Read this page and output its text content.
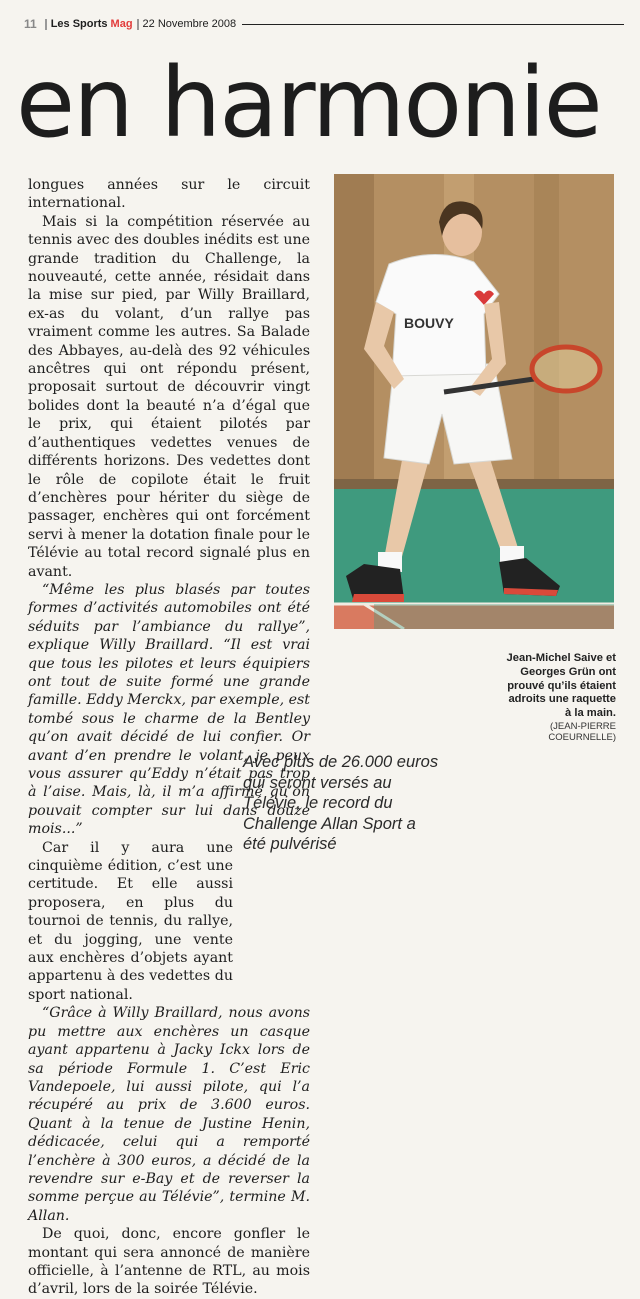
11 Les Sports Mag 22 Novembre 2008
en harmonie

longues années sur le circuit international.

Mais si la compétition réservée au tennis avec des doubles inédits est une grande tradition du Challenge, la nouveauté, cette année, résidait dans la mise sur pied, par Willy Braillard, ex-as du volant, d’un rallye pas vraiment comme les autres. Sa Balade des Abbayes, au-delà des 92 véhicules ancêtres qui ont répondu présent, proposait surtout de découvrir vingt bolides dont la beauté n’a d’égal que le prix, qui étaient pilotés par d’authentiques vedettes venues de différents horizons. Des vedettes dont le rôle de copilote était le fruit d’enchères pour hériter du siège de passager, enchères qui ont forcément servi à mener la dotation finale pour le Télévie au total record signalé plus en avant.

“Même les plus blasés par toutes formes d’activités automobiles ont été séduits par l’ambiance du rallye”, explique Willy Braillard. “Il est vrai que tous les pilotes et leurs équipiers ont tout de suite formé une grande famille. Eddy Merckx, par exemple, est tombé sous le charme de la Bentley qu’on avait décidé de lui confier. Or avant d’en prendre le volant, je peux vous assurer qu’Eddy n’était pas trop à l’aise. Mais, là, il m’a affirmé qu’on pouvait compter sur lui dans douze mois...”

Car il y aura une cinquième édition, c’est une certitude. Et elle aussi proposera, en plus du tournoi de tennis, du rallye, et du jogging, une vente aux enchères d’objets ayant appartenu à des vedettes du sport national.

“Grâce à Willy Braillard, nous avons pu mettre aux enchères un casque ayant appartenu à Jacky Ickx lors de sa période Formule 1. C’est Eric Vandepoele, lui aussi pilote, qui l’a récupéré au prix de 3.600 euros. Quant à la tenue de Justine Henin, dédicacée, celui qui a remporté l’enchère à 300 euros, a décidé de la revendre sur e-Bay et de reverser la somme perçue au Télévie”, termine M. Allan.

De quoi, donc, encore gonfler le montant qui sera annoncé de manière officielle, à l’antenne de RTL, au mois d’avril, lors de la soirée Télévie.

BOUVY
Jean-Michel Saive et Georges Grün ont prouvé qu’ils étaient adroits une raquette à la main.
(JEAN-PIERRE COEURNELLE)
Avec plus de 26.000 euros qui seront versés au Télévie, le record du Challenge Allan Sport a été pulvérisé
